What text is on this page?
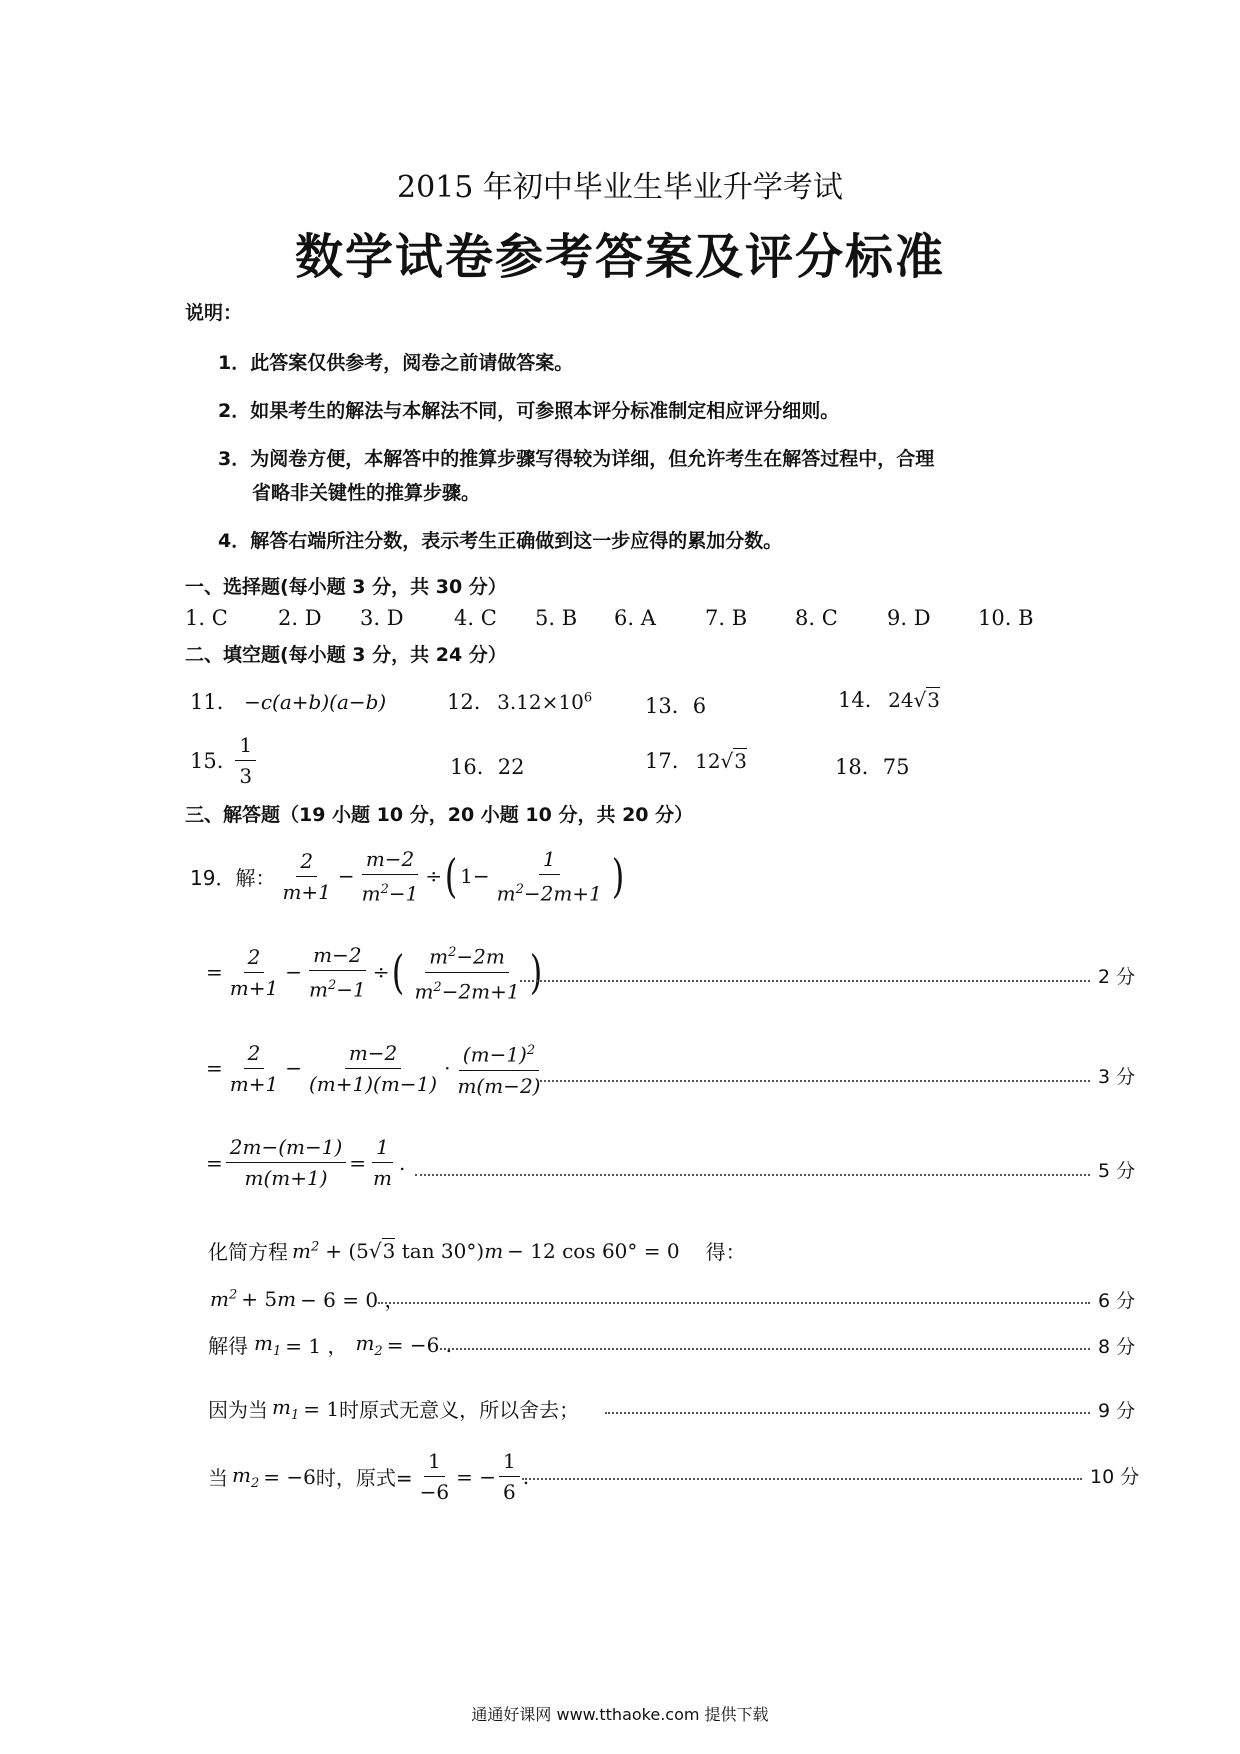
2015 年初中毕业生毕业升学考试
数学试卷参考答案及评分标准
说明：
1．此答案仅供参考，阅卷之前请做答案。
2．如果考生的解法与本解法不同，可参照本评分标准制定相应评分细则。
3．为阅卷方便，本解答中的推算步骤写得较为详细，但允许考生在解答过程中，合理
省略非关键性的推算步骤。
4．解答右端所注分数，表示考生正确做到这一步应得的累加分数。
一、选择题(每小题 3 分，共 30 分）
1. C 2. D 3. D 4. C 5. B 6. A 7. B 8. C 9. D 10. B
二、填空题(每小题 3 分，共 24 分）
11. −c(a+b)(a−b)	12. $3.12\times 10^6$	13．6	14. 24√3
15. $\frac{1}{3}$	16．22	17. 12√3	18．75
三、解答题（19 小题 10 分，20 小题 10 分，共 20 分）
19．解： $\frac{2}{m+1} - \frac{m-2}{m^2-1}$ ÷ ( $1- \frac{1}{m^2-2m+1}$ )
= $\frac{2}{m+1} - \frac{m-2}{m^2-1}$ ÷ ( $\frac{m^2-2m}{m^2-2m+1}$ )	2 分
= $\frac{2}{m+1} - \frac{m-2}{(m+1)(m-1)} \cdot \frac{(m-1)^2}{m(m-2)}$	3 分
= $\frac{2m-(m-1)}{m(m+1)} = \frac{1}{m}$ .	5 分
化简方程 $m^2 + (5√3$ tan 30°) m − 12 cos 60° = 0 得：
$m^2 + 5$ m − 6 = 0 ，	6 分
解得 $m_1 = 1$ ， $m_2 = -6$ .	8 分
因为当 $m_1 = 1$ 时原式无意义，所以舍去；	9 分
当 $m_2 = -6$ 时，原式= $\frac{1}{-6}$ = − $\frac{1}{6}$ .	10 分
通通好课网 www.tthaoke.com 提供下载
